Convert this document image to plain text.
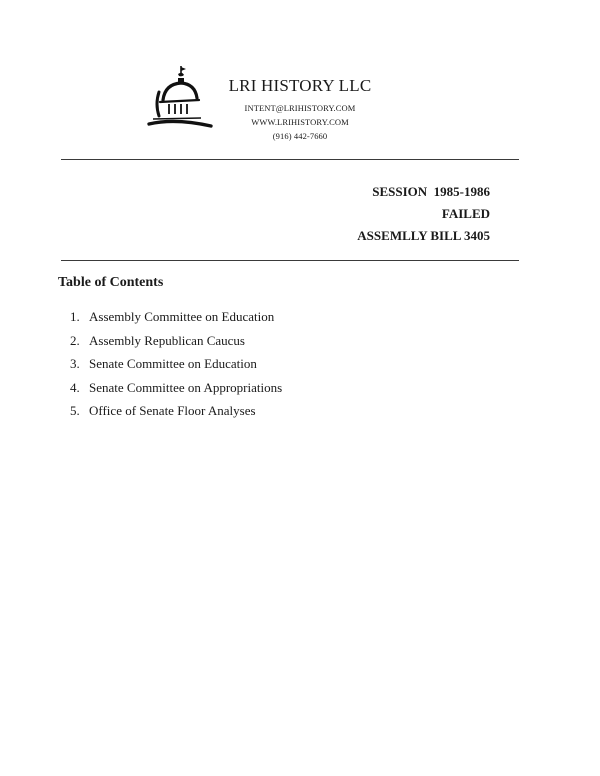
LRI HISTORY LLC
INTENT@LRIHISTORY.COM
WWW.LRIHISTORY.COM
(916) 442-7660
SESSION  1985-1986
FAILED
ASSEMLLY BILL 3405
Table of Contents
1. Assembly Committee on Education
2. Assembly Republican Caucus
3. Senate Committee on Education
4. Senate Committee on Appropriations
5. Office of Senate Floor Analyses
